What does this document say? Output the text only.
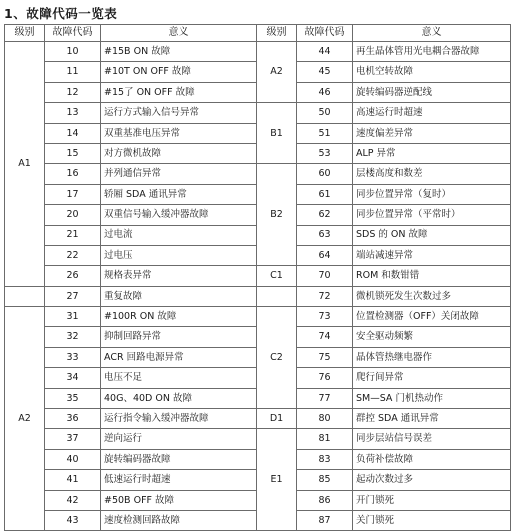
1、故障代码一览表
级别	故障代码	意义	级别	故障代码	意义
A1	10	#15B ON 故障	A2	44	再生晶体管用光电耦合器故障
	11	#10T ON OFF 故障		45	电机空转故障
	12	#15了 ON OFF 故障		46	旋转编码器逆配线
	13	运行方式输入信号异常	B1	50	高速运行时超速
	14	双重基准电压异常		51	速度偏差异常
	15	对方微机故障		53	ALP 异常
	16	并列通信异常	B2	60	层楼高度和数差
	17	轿厢 SDA 通讯异常		61	同步位置异常（复时）
	20	双重信号输入缓冲器故障		62	同步位置异常（平常时）
	21	过电流		63	SDS 的 ON 故障
	22	过电压		64	端站减速异常
	26	规格表异常	C1	70	ROM 和数钳错
	27	重复故障		72	微机锁死发生次数过多
A2	31	#100R ON 故障	C2	73	位置检测器（OFF）关闭故障
	32	抑制回路异常		74	安全驱动频繁
	33	ACR 回路电源异常		75	晶体管热继电器作
	34	电压不足		76	爬行间异常
	35	40G、40D ON 故障		77	SM—SA 门机热动作
	36	运行指令输入缓冲器故障	D1	80	群控 SDA 通讯异常
	37	逆向运行	E1	81	同步层站信号误差
	40	旋转编码器故障		83	负荷补偿故障
	41	低速运行时超速		85	起动次数过多
	42	#50B OFF 故障		86	开门锁死
	43	速度检测回路故障		87	关门锁死
